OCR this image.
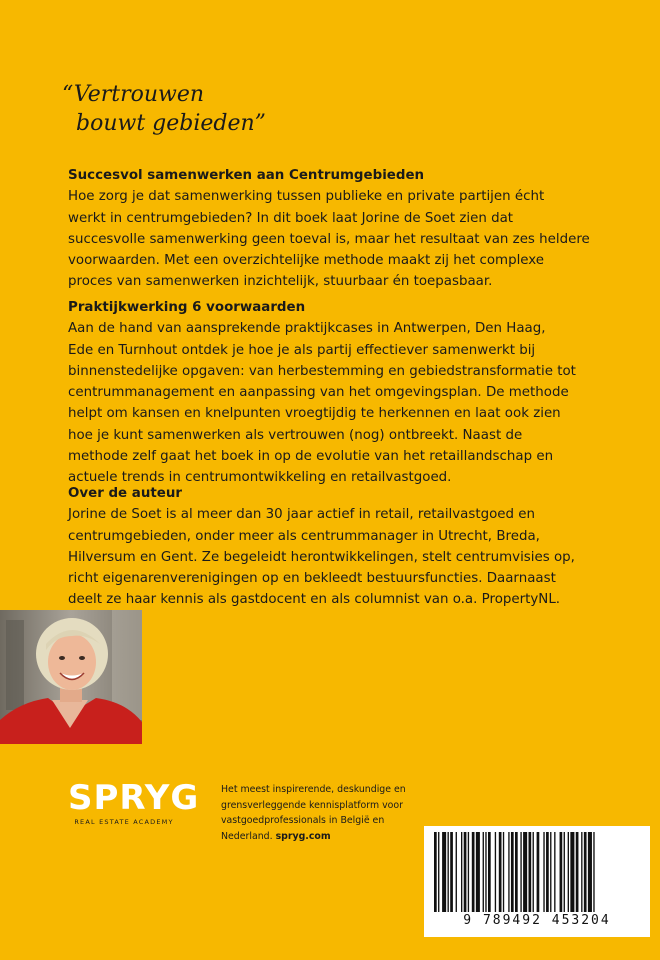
“Vertrouwen
bouwt gebieden”
Succesvol samenwerken aan Centrumgebieden

Hoe zorg je dat samenwerking tussen publieke en private partijen écht
werkt in centrumgebieden? In dit boek laat Jorine de Soet zien dat
succesvolle samenwerking geen toeval is, maar het resultaat van zes heldere
voorwaarden. Met een overzichtelijke methode maakt zij het complexe
proces van samenwerken inzichtelijk, stuurbaar én toepasbaar.

Praktijkwerking 6 voorwaarden

Aan de hand van aansprekende praktijkcases in Antwerpen, Den Haag,
Ede en Turnhout ontdek je hoe je als partij effectiever samenwerkt bij
binnenstedelijke opgaven: van herbestemming en gebiedstransformatie tot
centrummanagement en aanpassing van het omgevingsplan. De methode
helpt om kansen en knelpunten vroegtijdig te herkennen en laat ook zien
hoe je kunt samenwerken als vertrouwen (nog) ontbreekt. Naast de
methode zelf gaat het boek in op de evolutie van het retaillandschap en
actuele trends in centrumontwikkeling en retailvastgoed.

Over de auteur

Jorine de Soet is al meer dan 30 jaar actief in retail, retailvastgoed en
centrumgebieden, onder meer als centrummanager in Utrecht, Breda,
Hilversum en Gent. Ze begeleidt herontwikkelingen, stelt centrumvisies op,
richt eigenarenverenigingen op en bekleedt bestuursfuncties. Daarnaast
deelt ze haar kennis als gastdocent en als columnist van o.a. PropertyNL.

SPRYG
REAL ESTATE ACADEMY
Het meest inspirerende, deskundige en
grensverleggende kennisplatform voor
vastgoedprofessionals in België en
Nederland. spryg.com
9 789492 453204
